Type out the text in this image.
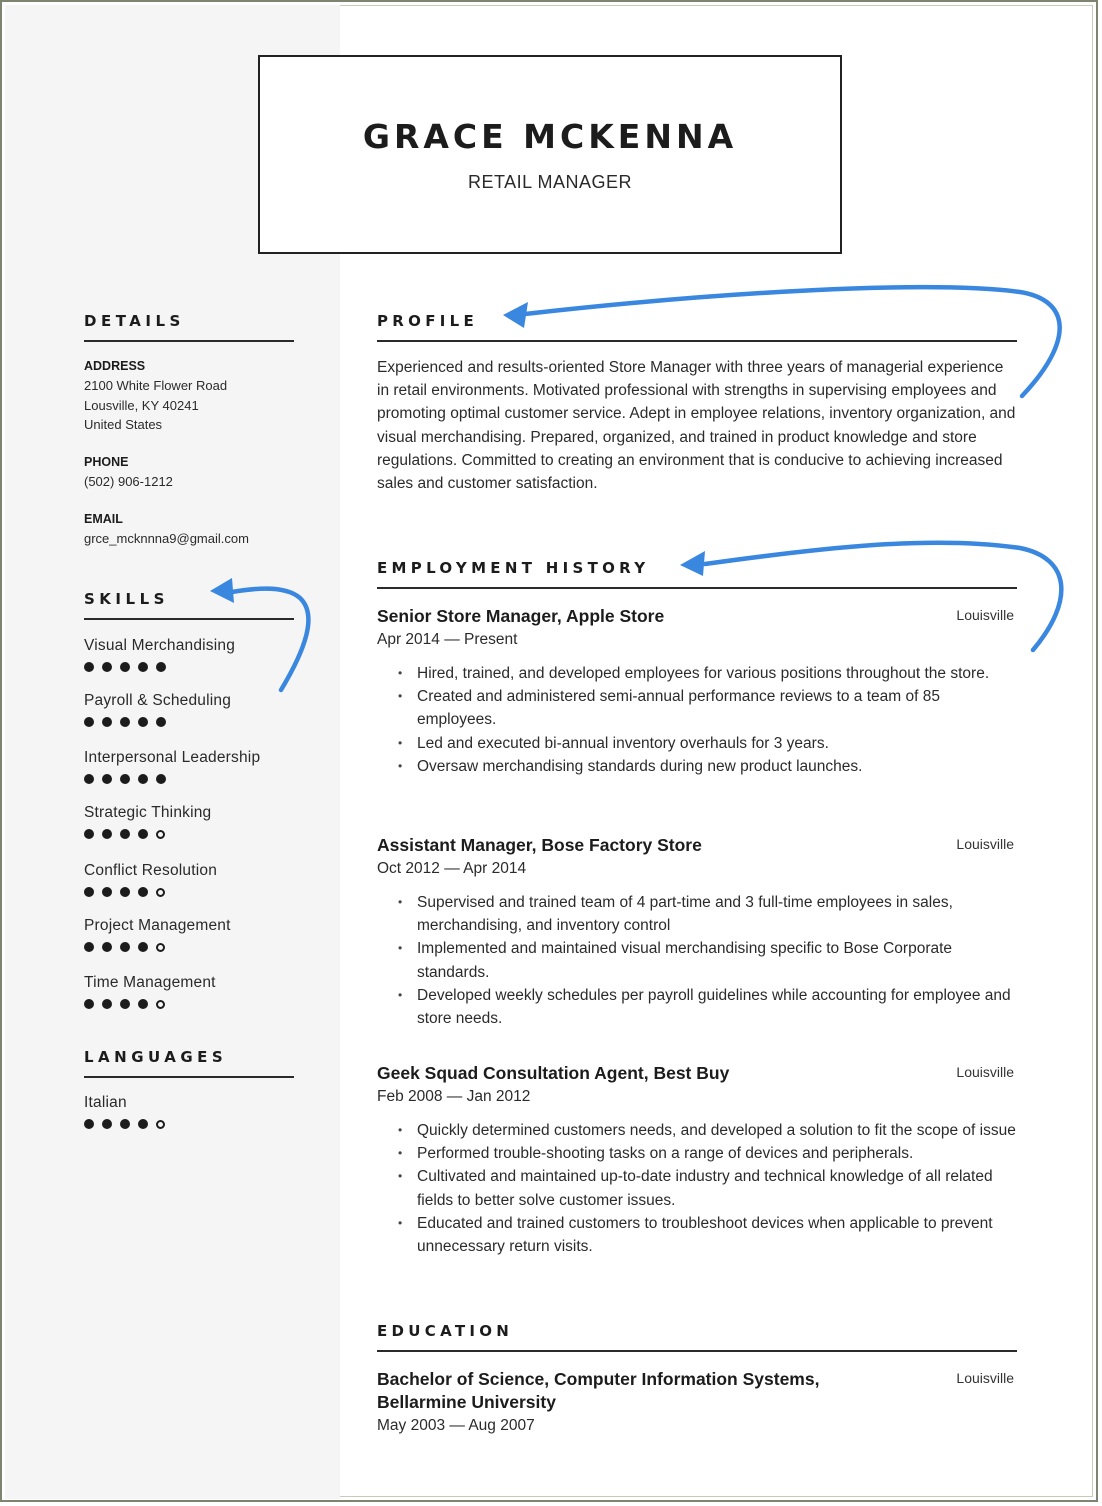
GRACE MCKENNA
RETAIL MANAGER
DETAILS
ADDRESS
2100 White Flower Road
Lousville, KY 40241
United States
PHONE
(502) 906-1212
EMAIL
grce_mcknnna9@gmail.com
SKILLS
Visual Merchandising
Payroll & Scheduling
Interpersonal Leadership
Strategic Thinking
Conflict Resolution
Project Management
Time Management
LANGUAGES
Italian
PROFILE
Experienced and results-oriented Store Manager with three years of managerial experience in retail environments. Motivated professional with strengths in supervising employees and promoting optimal customer service. Adept in employee relations, inventory organization, and visual merchandising. Prepared, organized, and trained in product knowledge and store regulations. Committed to creating an environment that is conducive to achieving increased sales and customer satisfaction.
EMPLOYMENT HISTORY
Senior Store Manager, Apple Store	Louisville
Apr 2014 — Present
• Hired, trained, and developed employees for various positions throughout the store.
• Created and administered semi-annual performance reviews to a team of 85 employees.
• Led and executed bi-annual inventory overhauls for 3 years.
• Oversaw merchandising standards during new product launches.
Assistant Manager, Bose Factory Store	Louisville
Oct 2012 — Apr 2014
• Supervised and trained team of 4 part-time and 3 full-time employees in sales, merchandising, and inventory control
• Implemented and maintained visual merchandising specific to Bose Corporate standards.
• Developed weekly schedules per payroll guidelines while accounting for employee and store needs.
Geek Squad Consultation Agent, Best Buy	Louisville
Feb 2008 — Jan 2012
• Quickly determined customers needs, and developed a solution to fit the scope of issue
• Performed trouble-shooting tasks on a range of devices and peripherals.
• Cultivated and maintained up-to-date industry and technical knowledge of all related fields to better solve customer issues.
• Educated and trained customers to troubleshoot devices when applicable to prevent unnecessary return visits.
EDUCATION
Bachelor of Science, Computer Information Systems, Bellarmine University
Louisville
May 2003 — Aug 2007
